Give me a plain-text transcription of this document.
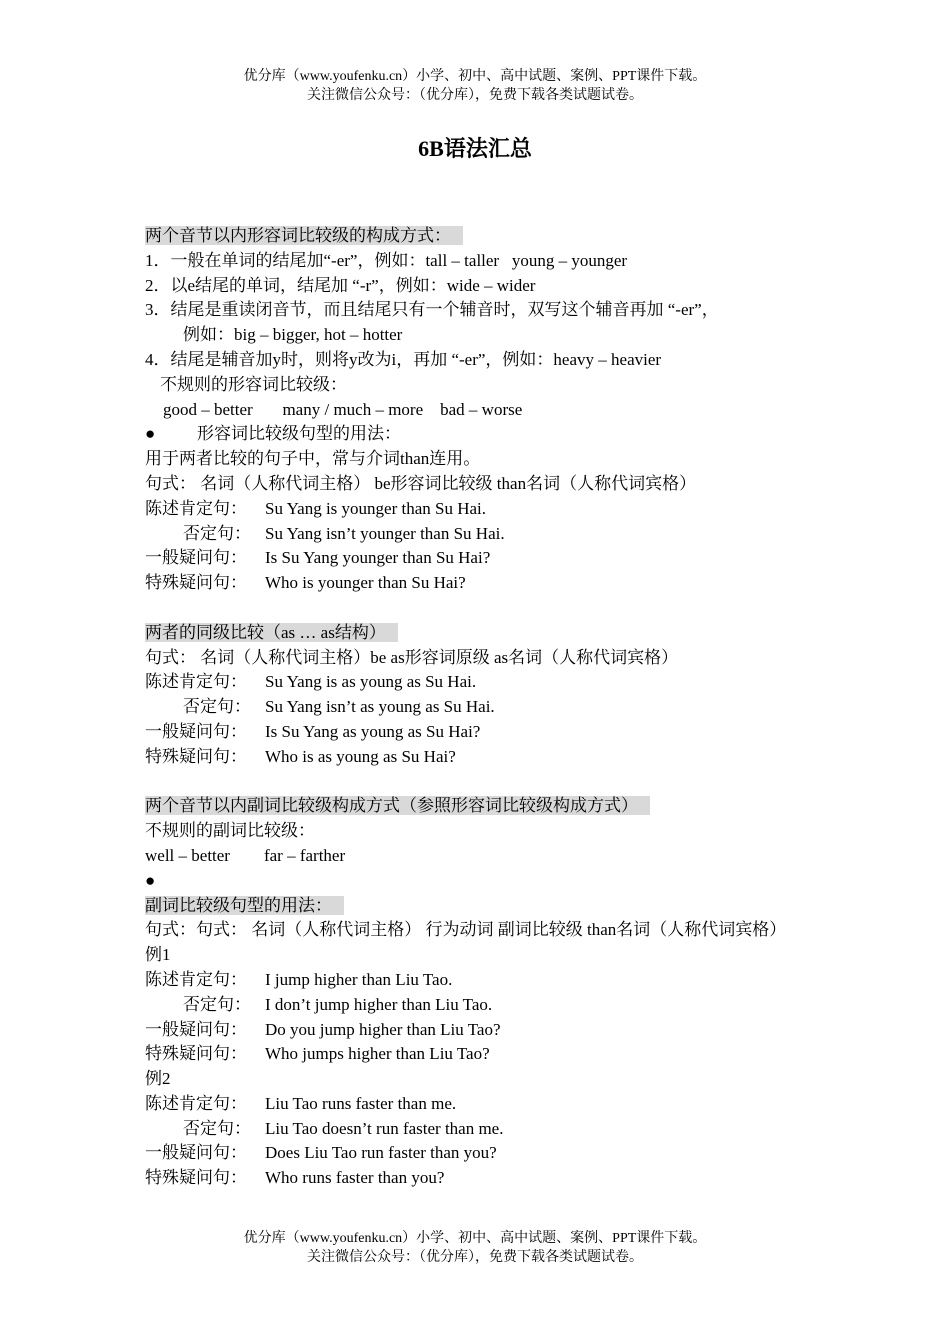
优分库（www.youfenku.cn）小学、初中、高中试题、案例、PPT课件下载。
关注微信公众号：（优分库），免费下载各类试题试卷。
6B语法汇总
两个音节以内形容词比较级的构成方式：
1．一般在单词的结尾加“-er”，例如：tall – taller   young – younger
2．以e结尾的单词，结尾加 “-r”，例如：wide – wider
3．结尾是重读闭音节，而且结尾只有一个辅音时，双写这个辅音再加 “-er”，
例如：big – bigger, hot – hotter
4．结尾是辅音加y时，则将y改为i，再加 “-er”，例如：heavy – heavier
不规则的形容词比较级：
good – better       many / much – more    bad – worse
● 形容词比较级句型的用法：
用于两者比较的句子中，常与介词than连用。
句式： 名词（人称代词主格） be形容词比较级 than名词（人称代词宾格）
陈述肯定句： Su Yang is younger than Su Hai.
否定句： Su Yang isn’t younger than Su Hai.
一般疑问句： Is Su Yang younger than Su Hai?
特殊疑问句： Who is younger than Su Hai?
两者的同级比较（as … as结构）
句式： 名词（人称代词主格）be as形容词原级 as名词（人称代词宾格）
陈述肯定句： Su Yang is as young as Su Hai.
否定句： Su Yang isn’t as young as Su Hai.
一般疑问句： Is Su Yang as young as Su Hai?
特殊疑问句： Who is as young as Su Hai?
两个音节以内副词比较级构成方式（参照形容词比较级构成方式）
不规则的副词比较级：
well – better        far – farther
●
副词比较级句型的用法：
句式：句式： 名词（人称代词主格） 行为动词 副词比较级 than名词（人称代词宾格）
例1
陈述肯定句： I jump higher than Liu Tao.
否定句： I don’t jump higher than Liu Tao.
一般疑问句： Do you jump higher than Liu Tao?
特殊疑问句： Who jumps higher than Liu Tao?
例2
陈述肯定句： Liu Tao runs faster than me.
否定句： Liu Tao doesn’t run faster than me.
一般疑问句： Does Liu Tao run faster than you?
特殊疑问句： Who runs faster than you?
优分库（www.youfenku.cn）小学、初中、高中试题、案例、PPT课件下载。
关注微信公众号：（优分库），免费下载各类试题试卷。
